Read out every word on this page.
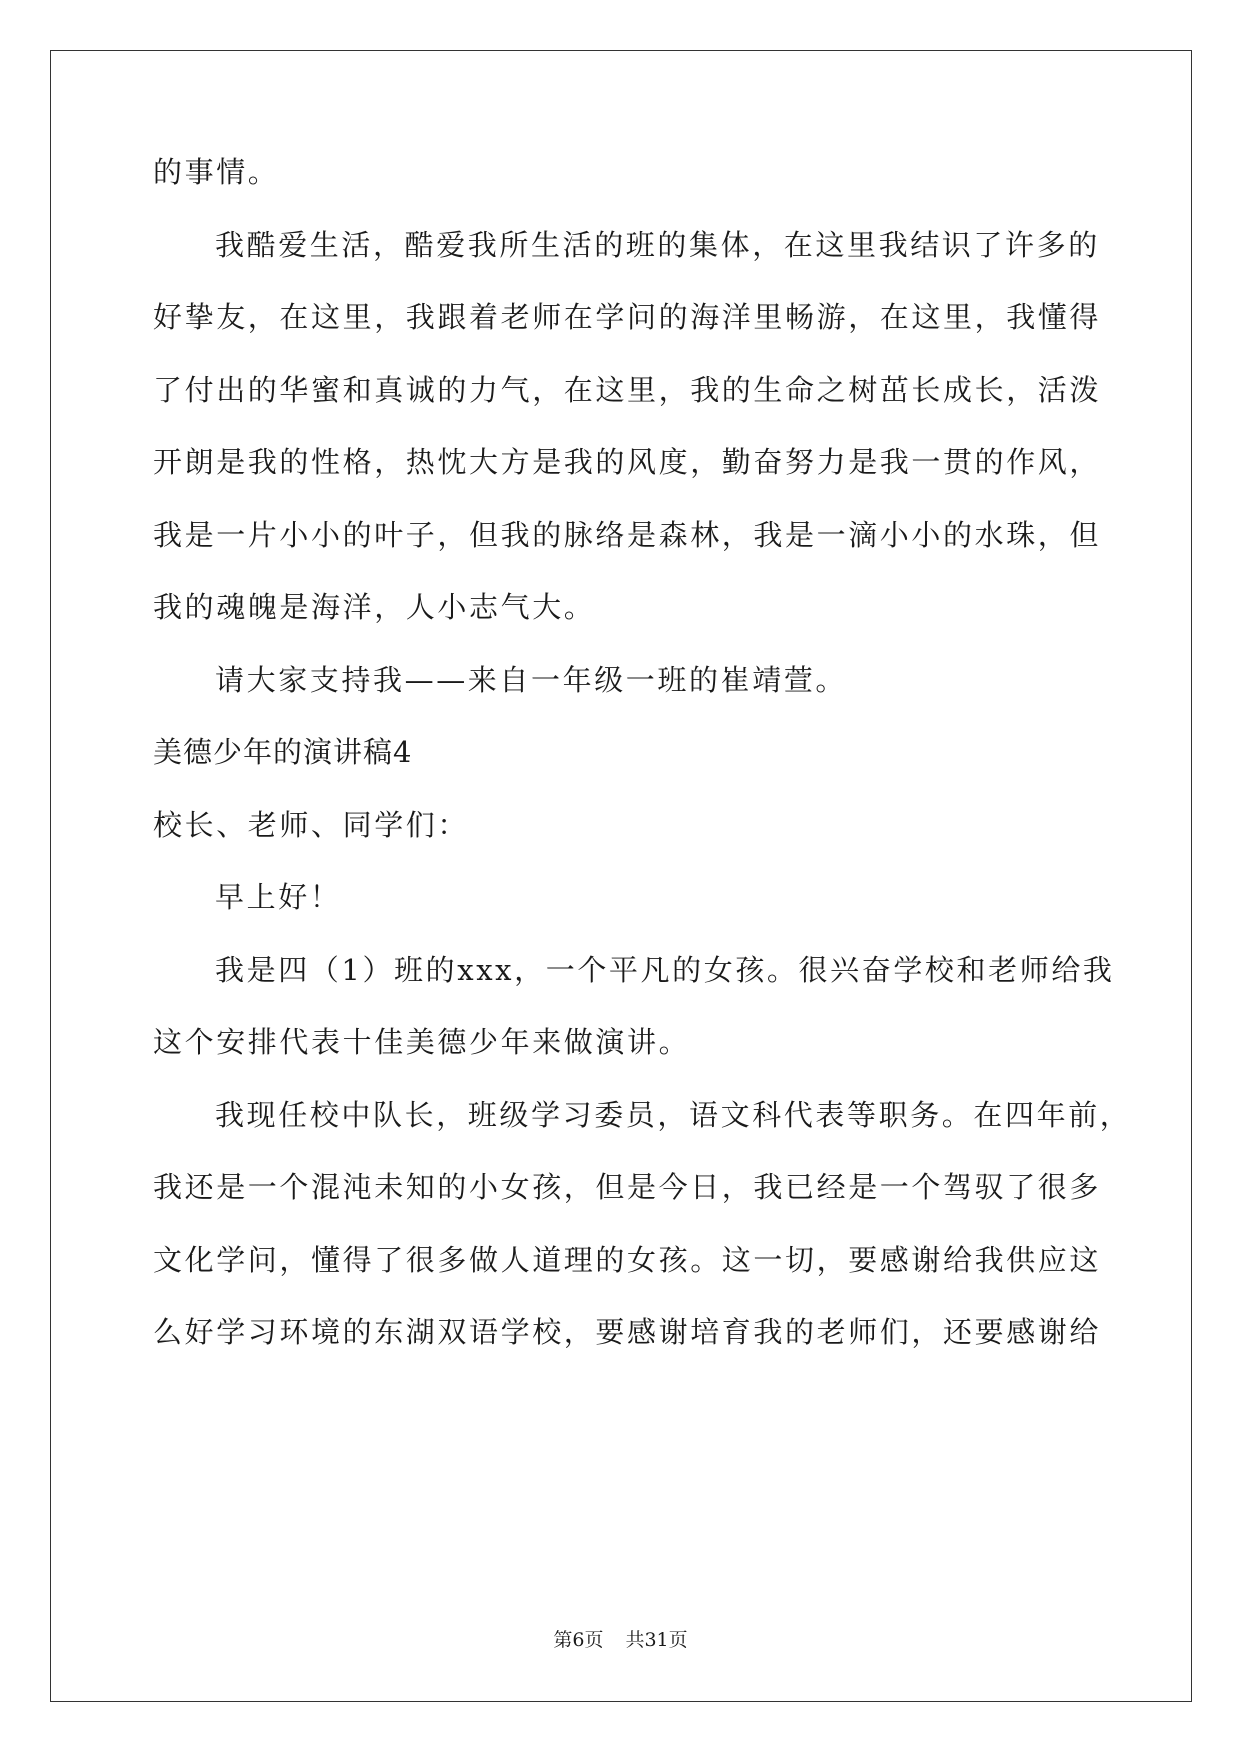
的事情。
我酷爱生活，酷爱我所生活的班的集体，在这里我结识了许多的
好挚友，在这里，我跟着老师在学问的海洋里畅游，在这里，我懂得
了付出的华蜜和真诚的力气，在这里，我的生命之树茁长成长，活泼
开朗是我的性格，热忱大方是我的风度，勤奋努力是我一贯的作风，
我是一片小小的叶子，但我的脉络是森林，我是一滴小小的水珠，但
我的魂魄是海洋，人小志气大。
请大家支持我——来自一年级一班的崔靖萱。
美德少年的演讲稿4
校长、老师、同学们：
早上好！
我是四（1）班的xxx，一个平凡的女孩。很兴奋学校和老师给我
这个安排代表十佳美德少年来做演讲。
我现任校中队长，班级学习委员，语文科代表等职务。在四年前，
我还是一个混沌未知的小女孩，但是今日，我已经是一个驾驭了很多
文化学问，懂得了很多做人道理的女孩。这一切，要感谢给我供应这
么好学习环境的东湖双语学校，要感谢培育我的老师们，还要感谢给
第6页 共31页
